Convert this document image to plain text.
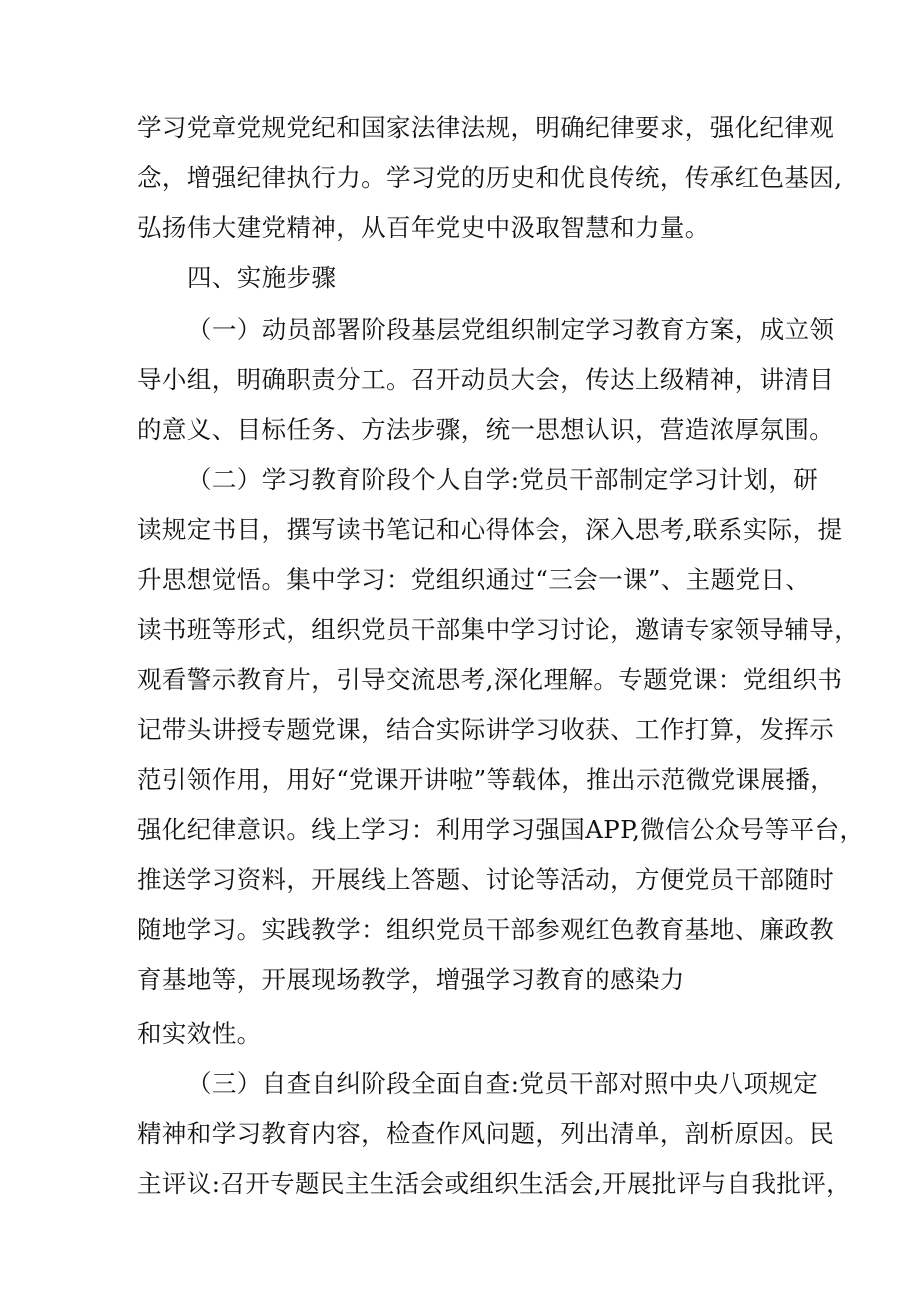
学习党章党规党纪和国家法律法规，明确纪律要求，强化纪律观
念，增强纪律执行力。学习党的历史和优良传统，传承红色基因,
弘扬伟大建党精神，从百年党史中汲取智慧和力量。
四、实施步骤
（一）动员部署阶段基层党组织制定学习教育方案，成立领
导小组，明确职责分工。召开动员大会，传达上级精神，讲清目
的意义、目标任务、方法步骤，统一思想认识，营造浓厚氛围。
（二）学习教育阶段个人自学:党员干部制定学习计划，研
读规定书目，撰写读书笔记和心得体会，深入思考,联系实际，提
升思想觉悟。集中学习：党组织通过“三会一课”、主题党日、
读书班等形式，组织党员干部集中学习讨论，邀请专家领导辅导，
观看警示教育片，引导交流思考,深化理解。专题党课：党组织书
记带头讲授专题党课，结合实际讲学习收获、工作打算，发挥示
范引领作用，用好“党课开讲啦”等载体，推出示范微党课展播，
强化纪律意识。线上学习：利用学习强国APP,微信公众号等平台，
推送学习资料，开展线上答题、讨论等活动，方便党员干部随时
随地学习。实践教学：组织党员干部参观红色教育基地、廉政教
育基地等，开展现场教学，增强学习教育的感染力
和实效性。
（三）自查自纠阶段全面自查:党员干部对照中央八项规定
精神和学习教育内容，检查作风问题，列出清单，剖析原因。民
主评议:召开专题民主生活会或组织生活会,开展批评与自我批评，
